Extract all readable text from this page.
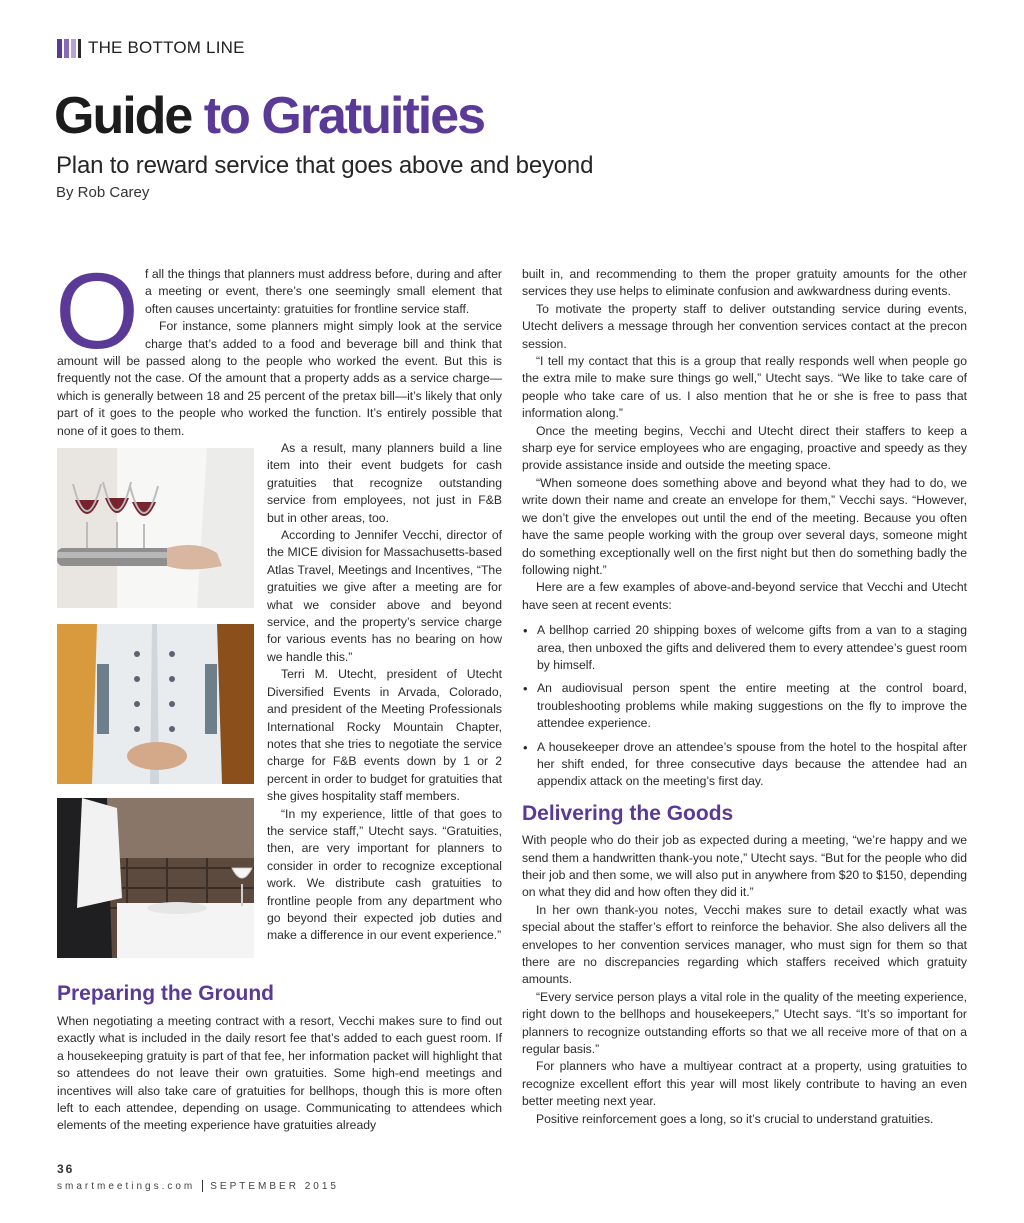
THE BOTTOM LINE
Guide to Gratuities
Plan to reward service that goes above and beyond
By Rob Carey
O f all the things that planners must address before, during and after a meeting or event, there’s one seemingly small element that often causes uncertainty: gratuities for frontline service staff.

For instance, some planners might simply look at the service charge that’s added to a food and beverage bill and think that amount will be passed along to the people who worked the event. But this is frequently not the case. Of the amount that a property adds as a service charge—which is generally between 18 and 25 percent of the pretax bill—it’s likely that only part of it goes to the people who worked the function. It’s entirely possible that none of it goes to them.

As a result, many planners build a line item into their event budgets for cash gratuities that recognize outstanding service from employees, not just in F&B but in other areas, too.

According to Jennifer Vecchi, director of the MICE division for Massachusetts-based Atlas Travel, Meetings and Incentives, “The gratuities we give after a meeting are for what we consider above and beyond service, and the property’s service charge for various events has no bearing on how we handle this.”

Terri M. Utecht, president of Utecht Diversified Events in Arvada, Colorado, and president of the Meeting Professionals International Rocky Mountain Chapter, notes that she tries to negotiate the service charge for F&B events down by 1 or 2 percent in order to budget for gratuities that she gives hospitality staff members.

“In my experience, little of that goes to the service staff,” Utecht says. “Gratuities, then, are very important for planners to consider in order to recognize exceptional work. We distribute cash gratuities to frontline people from any department who go beyond their expected job duties and make a difference in our event experience.”

Preparing the Ground

When negotiating a meeting contract with a resort, Vecchi makes sure to find out exactly what is included in the daily resort fee that’s added to each guest room. If a housekeeping gratuity is part of that fee, her information packet will highlight that so attendees do not leave their own gratuities. Some high-end meetings and incentives will also take care of gratuities for bellhops, though this is more often left to each attendee, depending on usage. Communicating to attendees which elements of the meeting experience have gratuities already

built in, and recommending to them the proper gratuity amounts for the other services they use helps to eliminate confusion and awkwardness during events.

To motivate the property staff to deliver outstanding service during events, Utecht delivers a message through her convention services contact at the precon session.

“I tell my contact that this is a group that really responds well when people go the extra mile to make sure things go well,” Utecht says. “We like to take care of people who take care of us. I also mention that he or she is free to pass that information along.”

Once the meeting begins, Vecchi and Utecht direct their staffers to keep a sharp eye for service employees who are engaging, proactive and speedy as they provide assistance inside and outside the meeting space.

“When someone does something above and beyond what they had to do, we write down their name and create an envelope for them,” Vecchi says. “However, we don’t give the envelopes out until the end of the meeting. Because you often have the same people working with the group over several days, someone might do something exceptionally well on the first night but then do something badly the following night.”

Here are a few examples of above-and-beyond service that Vecchi and Utecht have seen at recent events:

• A bellhop carried 20 shipping boxes of welcome gifts from a van to a staging area, then unboxed the gifts and delivered them to every attendee’s guest room by himself.
• An audiovisual person spent the entire meeting at the control board, troubleshooting problems while making suggestions on the fly to improve the attendee experience.
• A housekeeper drove an attendee’s spouse from the hotel to the hospital after her shift ended, for three consecutive days because the attendee had an appendix attack on the meeting’s first day.
Delivering the Goods

With people who do their job as expected during a meeting, “we’re happy and we send them a handwritten thank-you note,” Utecht says. “But for the people who did their job and then some, we will also put in anywhere from $20 to $150, depending on what they did and how often they did it.”

In her own thank-you notes, Vecchi makes sure to detail exactly what was special about the staffer’s effort to reinforce the behavior. She also delivers all the envelopes to her convention services manager, who must sign for them so that there are no discrepancies regarding which staffers received which gratuity amounts.

“Every service person plays a vital role in the quality of the meeting experience, right down to the bellhops and housekeepers,” Utecht says. “It’s so important for planners to recognize outstanding efforts so that we all receive more of that on a regular basis.”

For planners who have a multiyear contract at a property, using gratuities to recognize excellent effort this year will most likely contribute to having an even better meeting next year.

Positive reinforcement goes a long, so it’s crucial to understand gratuities.

36
smartmeetings.com SEPTEMBER 2015
